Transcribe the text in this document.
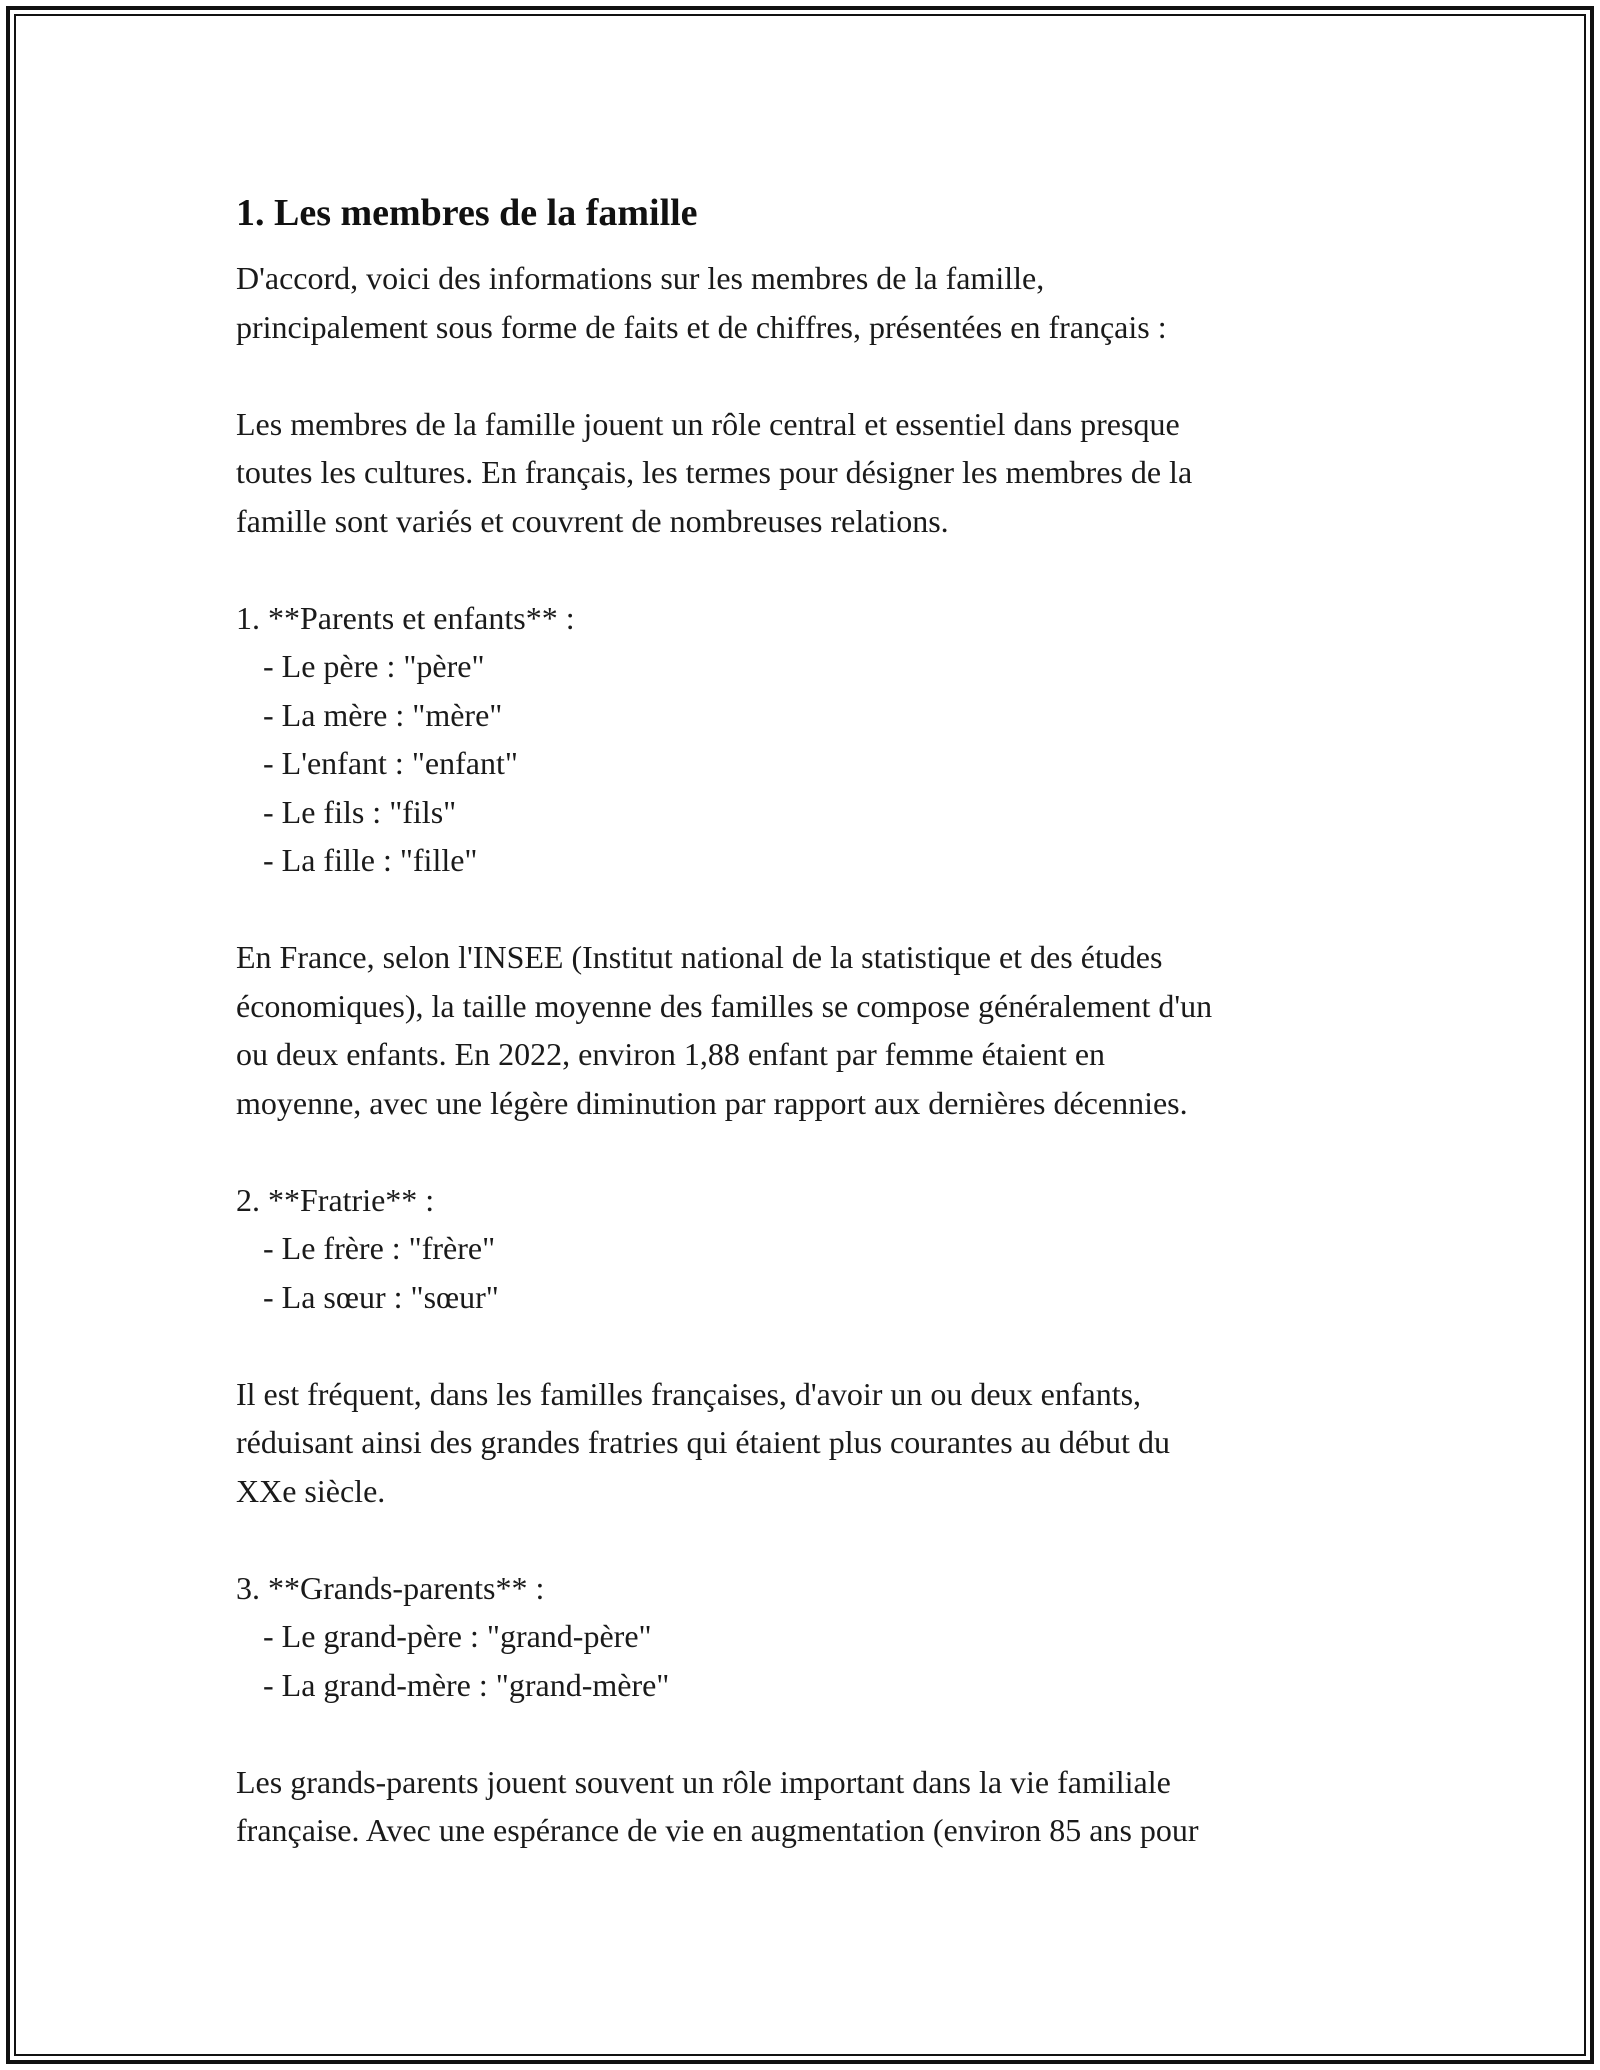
1. Les membres de la famille

D'accord, voici des informations sur les membres de la famille,
principalement sous forme de faits et de chiffres, présentées en français :

Les membres de la famille jouent un rôle central et essentiel dans presque
toutes les cultures. En français, les termes pour désigner les membres de la
famille sont variés et couvrent de nombreuses relations.

1. **Parents et enfants** :

- Le père : "père"

- La mère : "mère"

- L'enfant : "enfant"

- Le fils : "fils"

- La fille : "fille"

En France, selon l'INSEE (Institut national de la statistique et des études
économiques), la taille moyenne des familles se compose généralement d'un
ou deux enfants. En 2022, environ 1,88 enfant par femme étaient en
moyenne, avec une légère diminution par rapport aux dernières décennies.

2. **Fratrie** :

- Le frère : "frère"

- La sœur : "sœur"

Il est fréquent, dans les familles françaises, d'avoir un ou deux enfants,
réduisant ainsi des grandes fratries qui étaient plus courantes au début du
XXe siècle.

3. **Grands-parents** :

- Le grand-père : "grand-père"

- La grand-mère : "grand-mère"

Les grands-parents jouent souvent un rôle important dans la vie familiale
française. Avec une espérance de vie en augmentation (environ 85 ans pour
